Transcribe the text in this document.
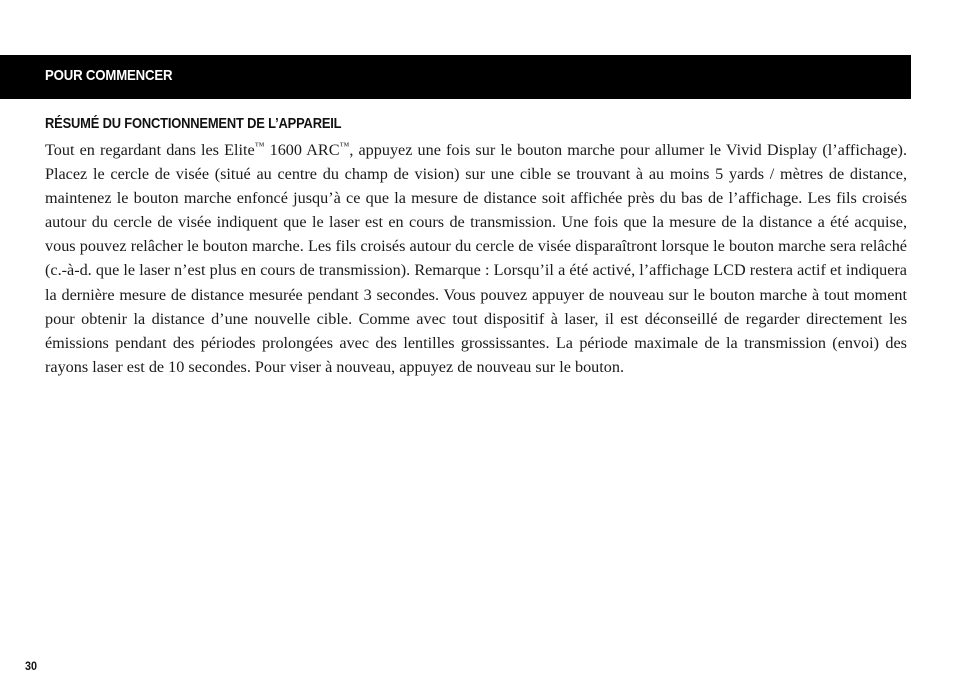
POUR COMMENCER
RÉSUMÉ DU FONCTIONNEMENT DE L’APPAREIL

Tout en regardant dans les Elite™ 1600 ARC™, appuyez une fois sur le bouton marche pour allumer le Vivid Display (l’affichage). Placez le cercle de visée (situé au centre du champ de vision) sur une cible se trouvant à au moins 5 yards / mètres de distance, maintenez le bouton marche enfoncé jusqu’à ce que la mesure de distance soit affichée près du bas de l’affichage. Les fils croisés autour du cercle de visée indiquent que le laser est en cours de transmission. Une fois que la mesure de la distance a été acquise, vous pouvez relâcher le bouton marche. Les fils croisés autour du cercle de visée disparaîtront lorsque le bouton marche sera relâché (c.-à-d. que le laser n’est plus en cours de transmission). Remarque : Lorsqu’il a été activé, l’affichage LCD restera actif et indiquera la dernière mesure de distance mesurée pendant 3 secondes. Vous pouvez appuyer de nouveau sur le bouton marche à tout moment pour obtenir la distance d’une nouvelle cible. Comme avec tout dispositif à laser, il est déconseillé de regarder directement les émissions pendant des périodes prolongées avec des lentilles grossissantes. La période maximale de la transmission (envoi) des rayons laser est de 10 secondes. Pour viser à nouveau, appuyez de nouveau sur le bouton.

30
